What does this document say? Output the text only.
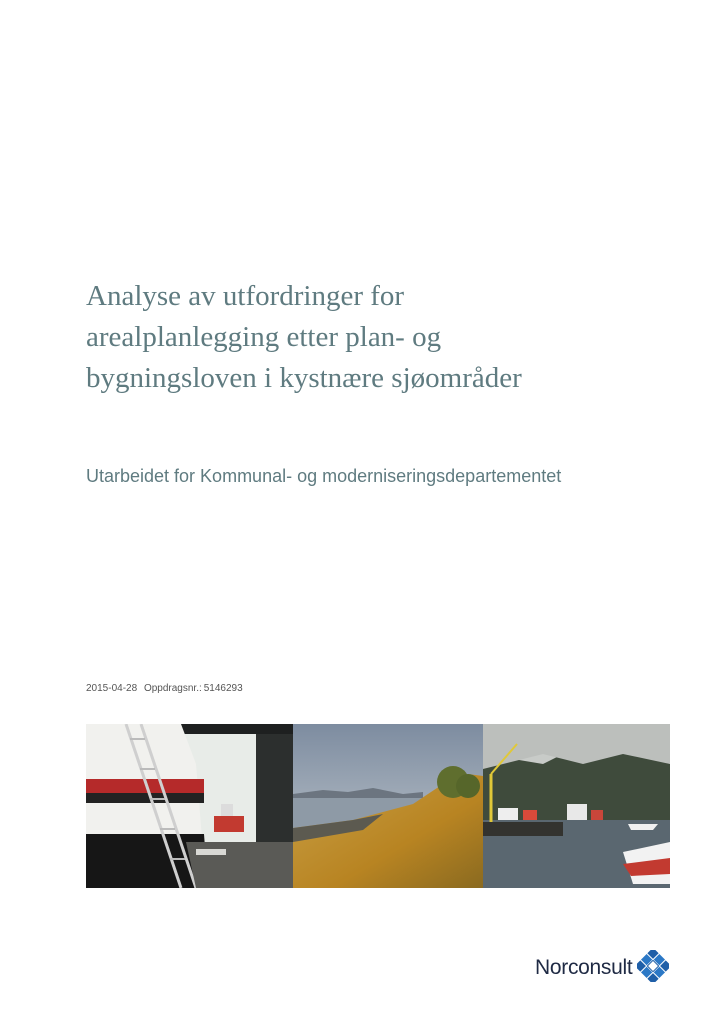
Analyse av utfordringer for
arealplanlegging etter plan- og
bygningsloven i kystnære sjøområder
Utarbeidet for Kommunal- og moderniseringsdepartementet
2015-04-28 Oppdragsnr.: 5146293
Norconsult
